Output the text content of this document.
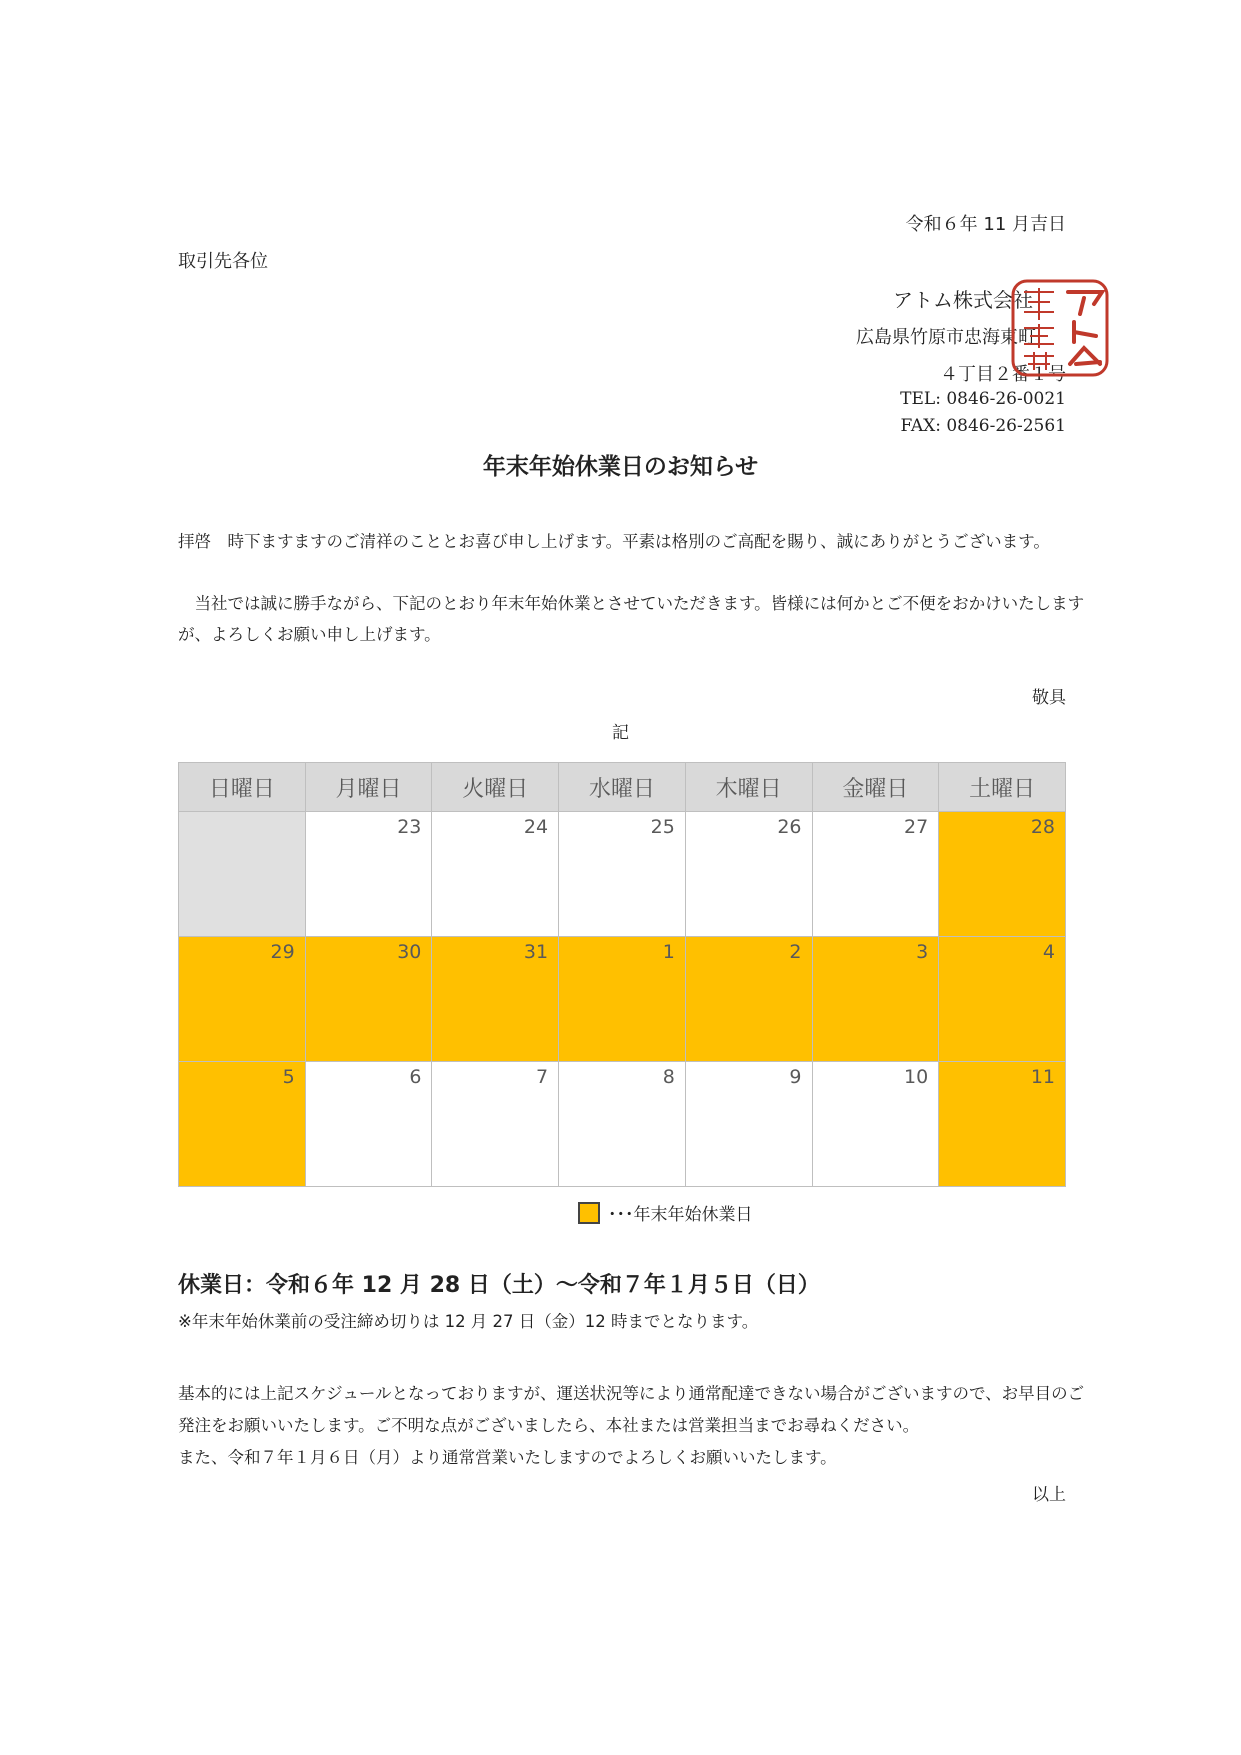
令和６年 11 月吉日
取引先各位
アトム株式会社
広島県竹原市忠海東町
４丁目２番１号
TEL: 0846-26-0021
FAX: 0846-26-2561
年末年始休業日のお知らせ
拝啓　時下ますますのご清祥のこととお喜び申し上げます。平素は格別のご高配を賜り、誠にありがとうございます。
　当社では誠に勝手ながら、下記のとおり年末年始休業とさせていただきます。皆様には何かとご不便をおかけいたします
が、よろしくお願い申し上げます。
敬具
記
日曜日	月曜日	火曜日	水曜日	木曜日	金曜日	土曜日
	23	24	25	26	27	28
29	30	31	1	2	3	4
5	6	7	8	9	10	11
･･･年末年始休業日
休業日：令和６年 12 月 28 日（土）～令和７年１月５日（日）
※年末年始休業前の受注締め切りは 12 月 27 日（金）12 時までとなります。
基本的には上記スケジュールとなっておりますが、運送状況等により通常配達できない場合がございますので、お早目のご
発注をお願いいたします。ご不明な点がございましたら、本社または営業担当までお尋ねください。
また、令和７年１月６日（月）より通常営業いたしますのでよろしくお願いいたします。
以上
